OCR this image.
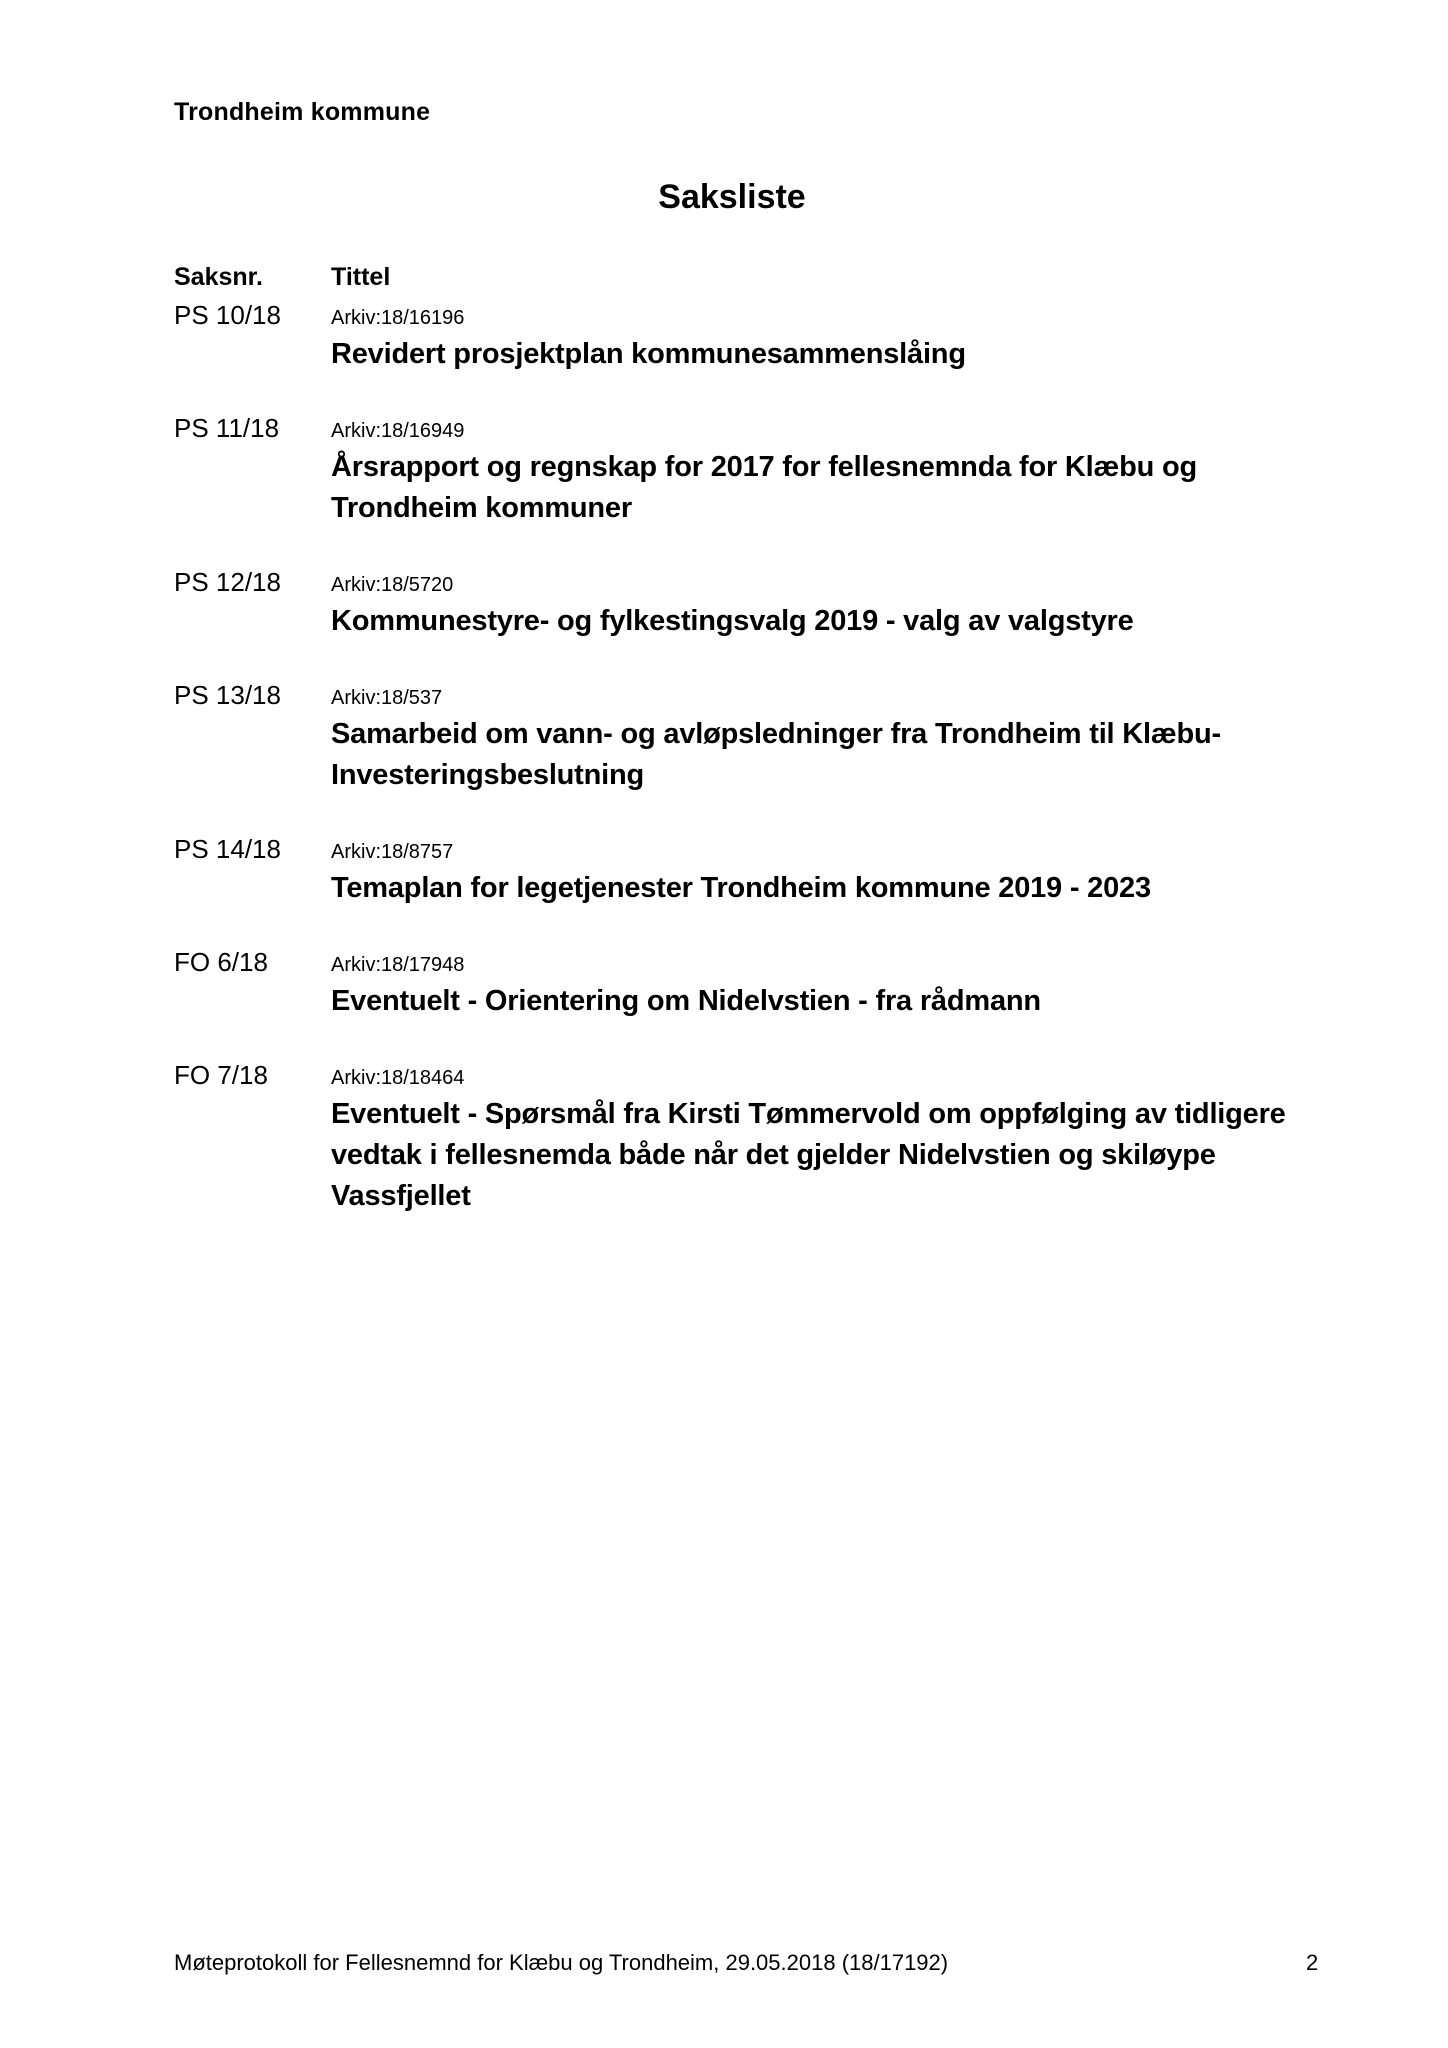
Trondheim kommune
Saksliste
Saksnr.	Tittel
PS 10/18	Arkiv:18/16196
Revidert prosjektplan kommunesammenslåing
PS 11/18	Arkiv:18/16949
Årsrapport og regnskap for 2017 for fellesnemnda for Klæbu og Trondheim kommuner
PS 12/18	Arkiv:18/5720
Kommunestyre- og fylkestingsvalg 2019 - valg av valgstyre
PS 13/18	Arkiv:18/537
Samarbeid om vann- og avløpsledninger fra Trondheim til Klæbu-Investeringsbeslutning
PS 14/18	Arkiv:18/8757
Temaplan for legetjenester Trondheim kommune 2019 - 2023
FO 6/18	Arkiv:18/17948
Eventuelt - Orientering om Nidelvstien - fra rådmann
FO 7/18	Arkiv:18/18464
Eventuelt - Spørsmål fra Kirsti Tømmervold om oppfølging av tidligere vedtak i fellesnemda både når det gjelder Nidelvstien og skiløype Vassfjellet
Møteprotokoll for Fellesnemnd for Klæbu og Trondheim, 29.05.2018 (18/17192)	2
